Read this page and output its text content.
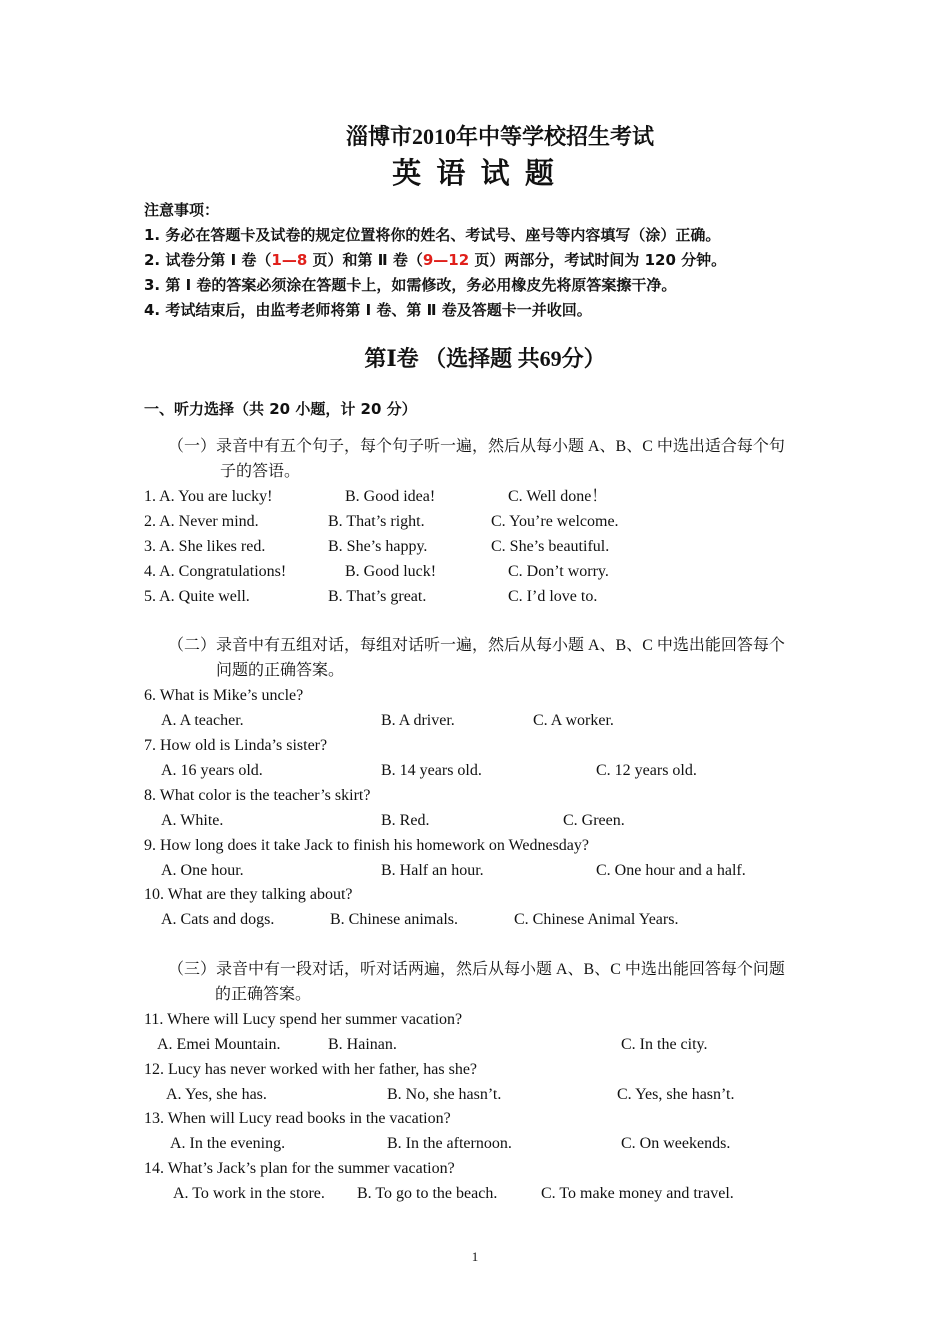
淄博市2010年中等学校招生考试
英 语 试 题
注意事项：
1. 务必在答题卡及试卷的规定位置将你的姓名、考试号、座号等内容填写（涂）正确。
2. 试卷分第 Ⅰ 卷（1—8 页）和第 Ⅱ 卷（9—12 页）两部分，考试时间为 120 分钟。
3. 第 Ⅰ 卷的答案必须涂在答题卡上，如需修改，务必用橡皮先将原答案擦干净。
4. 考试结束后，由监考老师将第 Ⅰ 卷、第 Ⅱ 卷及答题卡一并收回。
第Ⅰ卷 （选择题 共69分）
一、听力选择（共 20 小题，计 20 分）
（一）录音中有五个句子，每个句子听一遍，然后从每小题 A、B、C 中选出适合每个句
子的答语。
1. A. You are lucky!	B. Good idea!	C. Well done！
2. A. Never mind.	B. That’s right.	C. You’re welcome.
3. A. She likes red.	B. She’s happy.	C. She’s beautiful.
4. A. Congratulations!	B. Good luck!	C. Don’t worry.
5. A. Quite well.	B. That’s great.	C. I’d love to.
（二）录音中有五组对话，每组对话听一遍，然后从每小题 A、B、C 中选出能回答每个
问题的正确答案。
6. What is Mike’s uncle?
A. A teacher.	B. A driver.	C. A worker.
7. How old is Linda’s sister?
A. 16 years old.	B. 14 years old.	C. 12 years old.
8. What color is the teacher’s skirt?
A. White.	B. Red.	C. Green.
9. How long does it take Jack to finish his homework on Wednesday?
A. One hour.	B. Half an hour.	C. One hour and a half.
10. What are they talking about?
A. Cats and dogs.	B. Chinese animals.	C. Chinese Animal Years.
（三）录音中有一段对话，听对话两遍，然后从每小题 A、B、C 中选出能回答每个问题
的正确答案。
11. Where will Lucy spend her summer vacation?
A. Emei Mountain.	B. Hainan.	C. In the city.
12. Lucy has never worked with her father, has she?
A. Yes, she has.	B. No, she hasn’t.	C. Yes, she hasn’t.
13. When will Lucy read books in the vacation?
A. In the evening.	B. In the afternoon.	C. On weekends.
14. What’s Jack’s plan for the summer vacation?
A. To work in the store. B. To go to the beach.	C. To make money and travel.
1
